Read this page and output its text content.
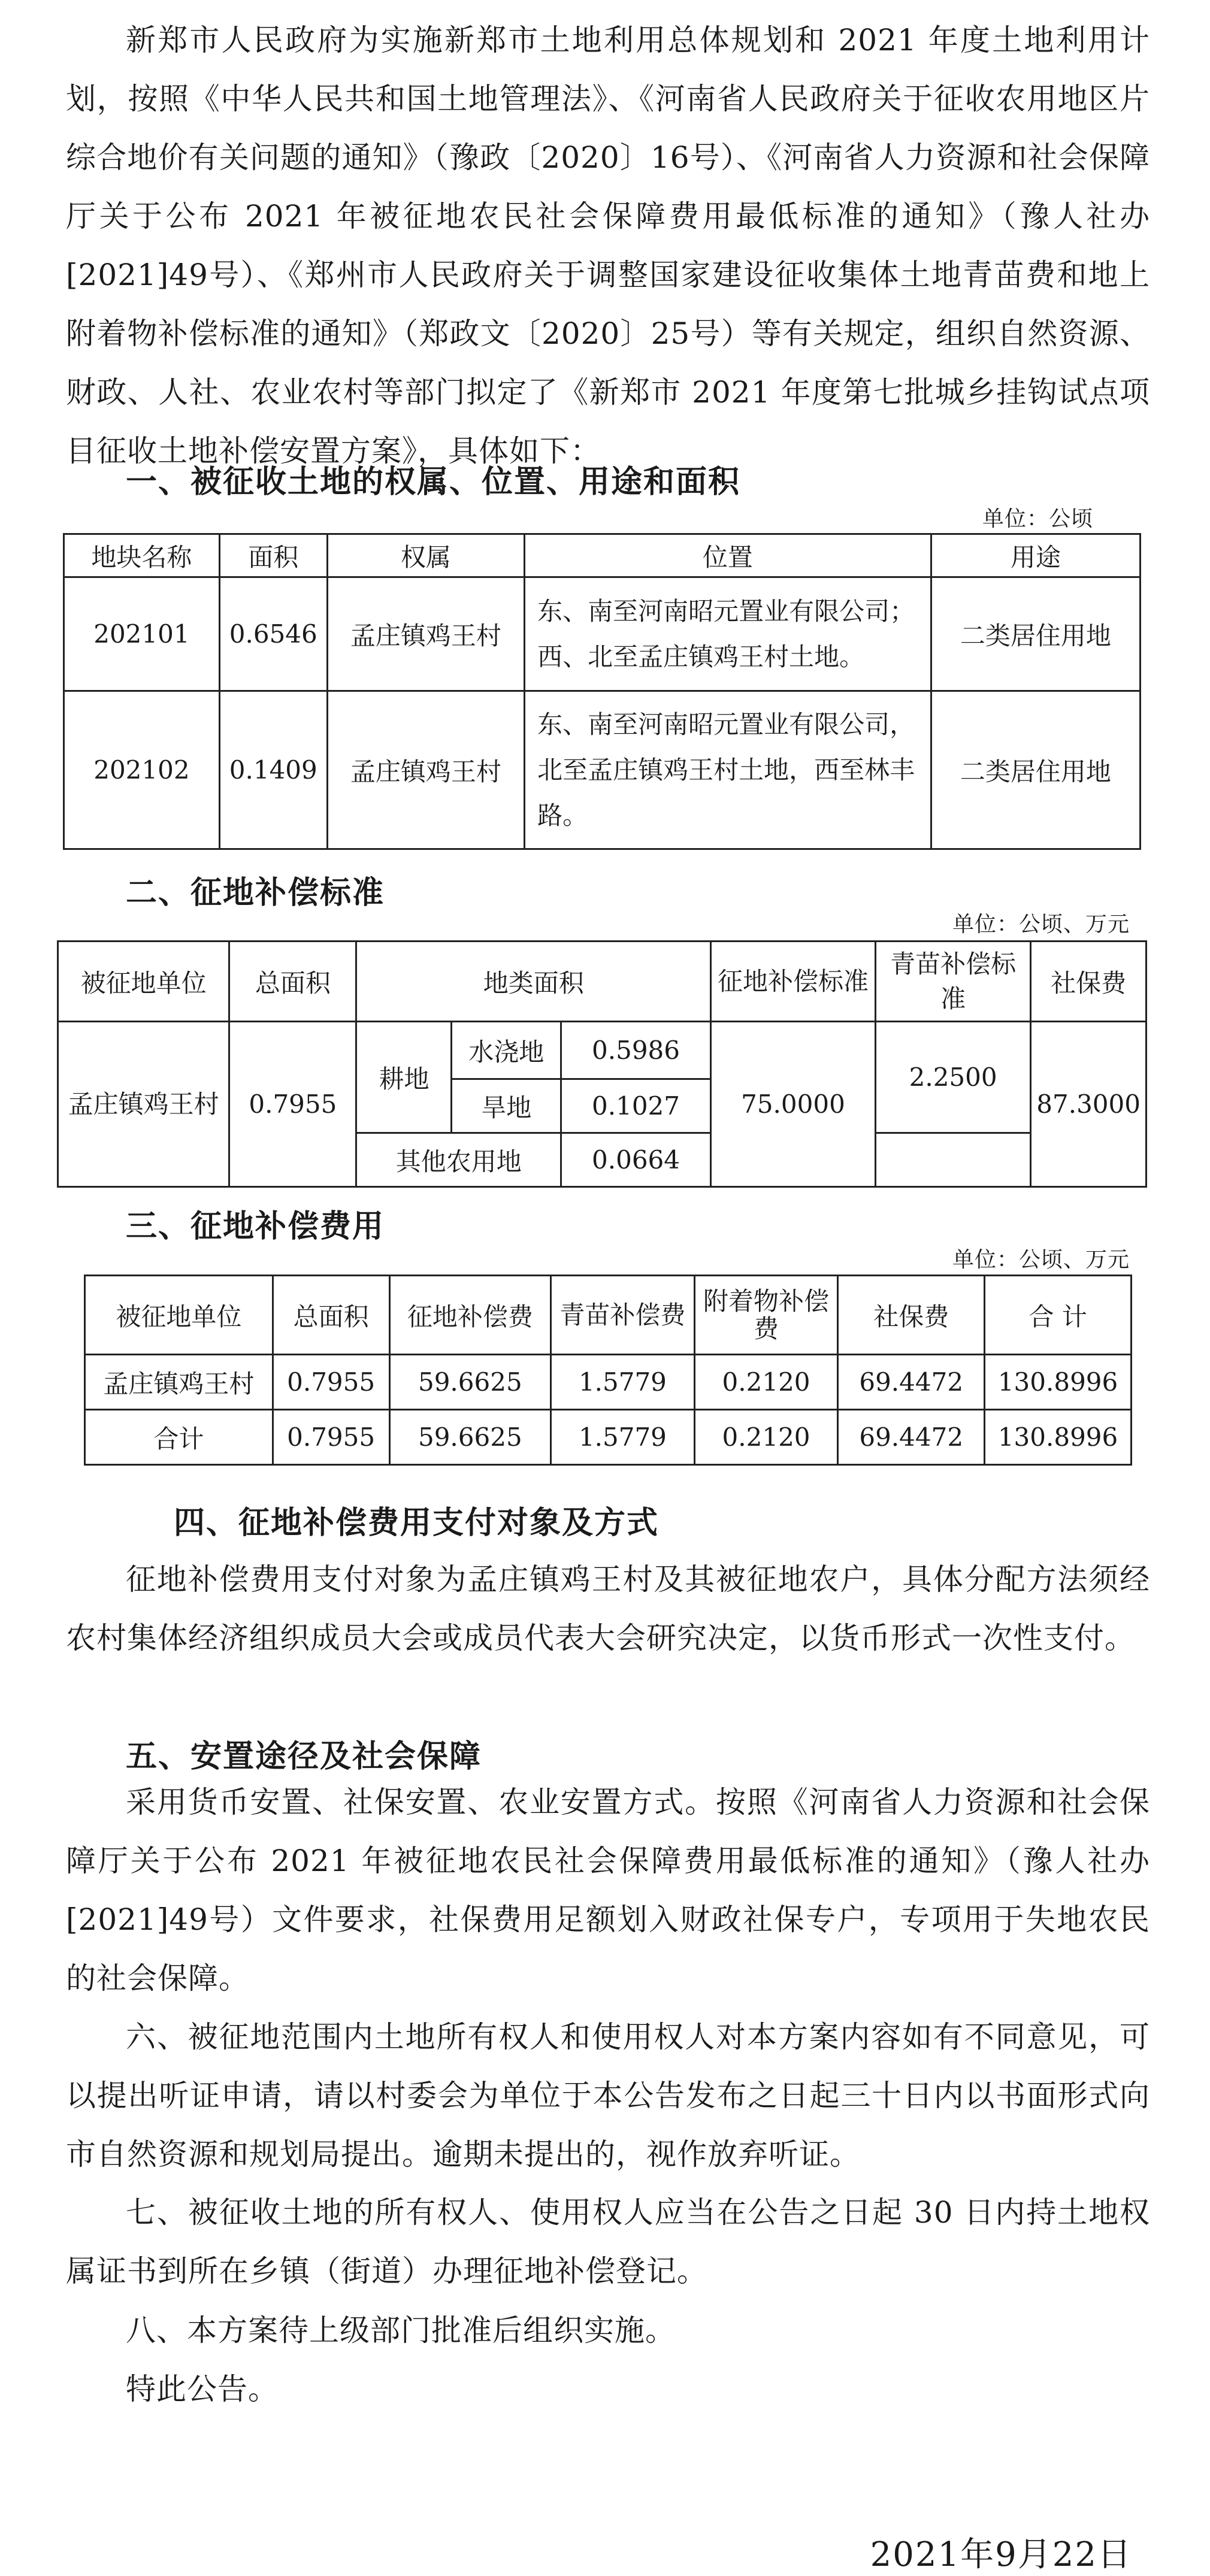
新郑市人民政府为实施新郑市土地利用总体规划和 2021 年度土地利用计划，按照《中华人民共和国土地管理法》、《河南省人民政府关于征收农用地区片综合地价有关问题的通知》（豫政〔2020〕16号）、《河南省人力资源和社会保障厅关于公布 2021 年被征地农民社会保障费用最低标准的通知》（豫人社办[2021]49号）、《郑州市人民政府关于调整国家建设征收集体土地青苗费和地上附着物补偿标准的通知》（郑政文〔2020〕25号）等有关规定，组织自然资源、财政、人社、农业农村等部门拟定了《新郑市 2021 年度第七批城乡挂钩试点项目征收土地补偿安置方案》，具体如下：

一、被征收土地的权属、位置、用途和面积

单位：公顷

地块名称	面积	权属	位置	用途
202101	0.6546	孟庄镇鸡王村	东、南至河南昭元置业有限公司；西、北至孟庄镇鸡王村土地。	二类居住用地
202102	0.1409	孟庄镇鸡王村	东、南至河南昭元置业有限公司，北至孟庄镇鸡王村土地，西至林丰路。	二类居住用地

二、征地补偿标准

单位：公顷、万元

被征地单位	总面积	地类面积			征地补偿标准	青苗补偿标准	社保费
孟庄镇鸡王村	0.7955	耕地	水浇地	0.5986	75.0000	2.2500	87.3000
			旱地	0.1027			
		其他农用地		0.0664			

三、征地补偿费用

单位：公顷、万元

被征地单位	总面积	征地补偿费	青苗补偿费	附着物补偿费	社保费	合 计
孟庄镇鸡王村	0.7955	59.6625	1.5779	0.2120	69.4472	130.8996
合计	0.7955	59.6625	1.5779	0.2120	69.4472	130.8996

四、征地补偿费用支付对象及方式

征地补偿费用支付对象为孟庄镇鸡王村及其被征地农户，具体分配方法须经农村集体经济组织成员大会或成员代表大会研究决定，以货币形式一次性支付。

五、安置途径及社会保障

采用货币安置、社保安置、农业安置方式。按照《河南省人力资源和社会保障厅关于公布 2021 年被征地农民社会保障费用最低标准的通知》（豫人社办[2021]49号）文件要求，社保费用足额划入财政社保专户，专项用于失地农民的社会保障。

六、被征地范围内土地所有权人和使用权人对本方案内容如有不同意见，可以提出听证申请，请以村委会为单位于本公告发布之日起三十日内以书面形式向市自然资源和规划局提出。逾期未提出的，视作放弃听证。

七、被征收土地的所有权人、使用权人应当在公告之日起 30 日内持土地权属证书到所在乡镇（街道）办理征地补偿登记。

八、本方案待上级部门批准后组织实施。

特此公告。

2021年9月22日
